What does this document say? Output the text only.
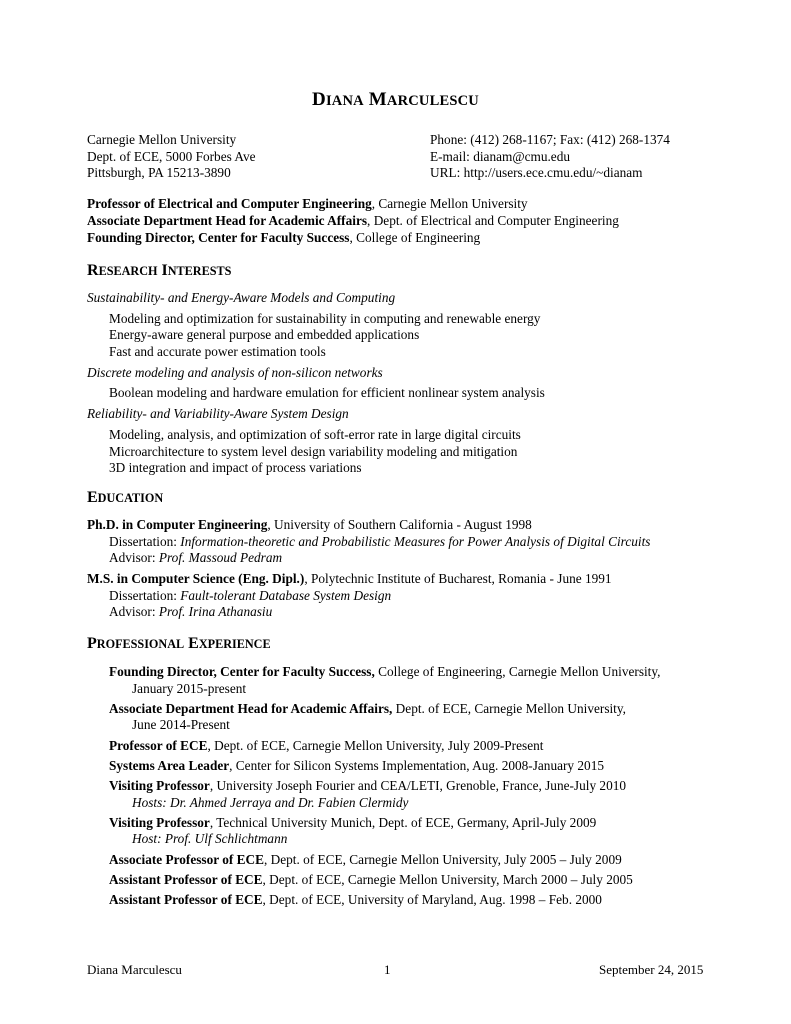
DIANA MARCULESCU
Carnegie Mellon University
Dept. of ECE, 5000 Forbes Ave
Pittsburgh, PA 15213-3890
Phone: (412) 268-1167; Fax: (412) 268-1374
E-mail: dianam@cmu.edu
URL: http://users.ece.cmu.edu/~dianam
Professor of Electrical and Computer Engineering, Carnegie Mellon University
Associate Department Head for Academic Affairs, Dept. of Electrical and Computer Engineering
Founding Director, Center for Faculty Success, College of Engineering
RESEARCH INTERESTS
Sustainability- and Energy-Aware Models and Computing
Modeling and optimization for sustainability in computing and renewable energy
Energy-aware general purpose and embedded applications
Fast and accurate power estimation tools
Discrete modeling and analysis of non-silicon networks
Boolean modeling and hardware emulation for efficient nonlinear system analysis
Reliability- and Variability-Aware System Design
Modeling, analysis, and optimization of soft-error rate in large digital circuits
Microarchitecture to system level design variability modeling and mitigation
3D integration and impact of process variations
EDUCATION
Ph.D. in Computer Engineering, University of Southern California - August 1998
Dissertation: Information-theoretic and Probabilistic Measures for Power Analysis of Digital Circuits
Advisor: Prof. Massoud Pedram
M.S. in Computer Science (Eng. Dipl.), Polytechnic Institute of Bucharest, Romania - June 1991
Dissertation: Fault-tolerant Database System Design
Advisor: Prof. Irina Athanasiu
PROFESSIONAL EXPERIENCE
Founding Director, Center for Faculty Success, College of Engineering, Carnegie Mellon University,
January 2015-present
Associate Department Head for Academic Affairs, Dept. of ECE, Carnegie Mellon University,
June 2014-Present
Professor of ECE, Dept. of ECE, Carnegie Mellon University, July 2009-Present
Systems Area Leader, Center for Silicon Systems Implementation, Aug. 2008-January 2015
Visiting Professor, University Joseph Fourier and CEA/LETI, Grenoble, France, June-July 2010
Hosts: Dr. Ahmed Jerraya and Dr. Fabien Clermidy
Visiting Professor, Technical University Munich, Dept. of ECE, Germany, April-July 2009
Host: Prof. Ulf Schlichtmann
Associate Professor of ECE, Dept. of ECE, Carnegie Mellon University, July 2005 – July 2009
Assistant Professor of ECE, Dept. of ECE, Carnegie Mellon University, March 2000 – July 2005
Assistant Professor of ECE, Dept. of ECE, University of Maryland, Aug. 1998 – Feb. 2000
Diana Marculescu	1	September 24, 2015
